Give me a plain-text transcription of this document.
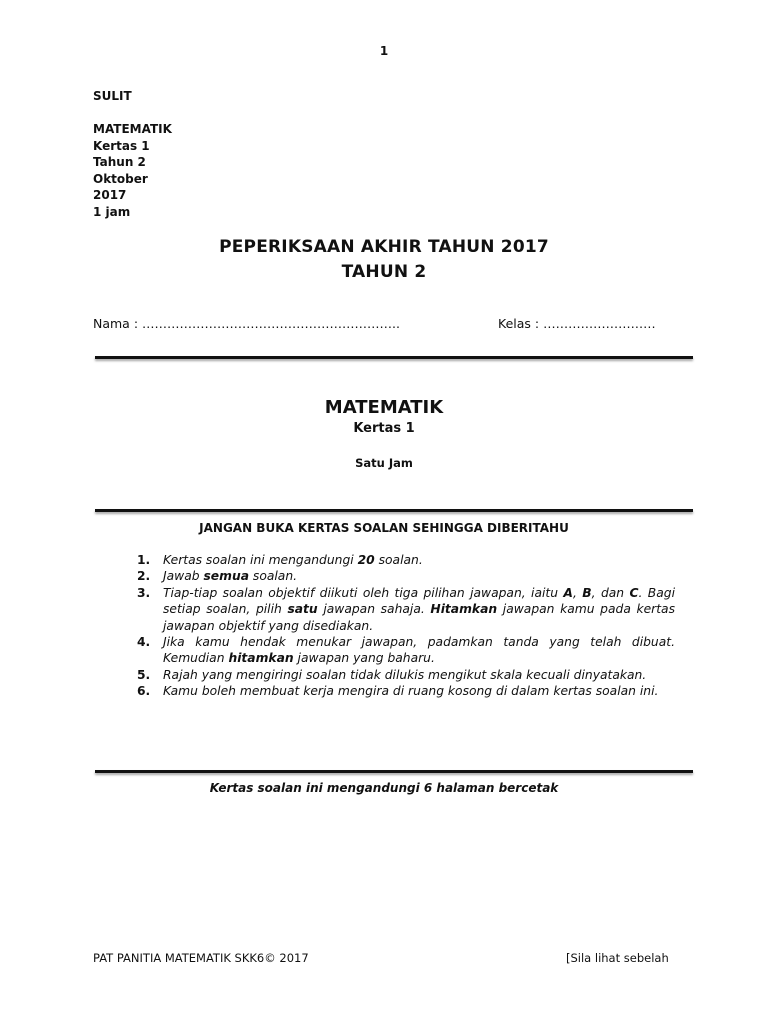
1
SULIT
MATEMATIK
Kertas 1
Tahun 2
Oktober
2017
1 jam
PEPERIKSAAN AKHIR TAHUN 2017
TAHUN 2
Nama : ……………………………………………………..	Kelas : ………………………
MATEMATIK
Kertas 1
Satu Jam
JANGAN BUKA KERTAS SOALAN SEHINGGA DIBERITAHU
1. Kertas soalan ini mengandungi 20 soalan.
2. Jawab semua soalan.
3. Tiap-tiap soalan objektif diikuti oleh tiga pilihan jawapan, iaitu A, B, dan C. Bagi setiap soalan, pilih satu jawapan sahaja. Hitamkan jawapan kamu pada kertas jawapan objektif yang disediakan.
4. Jika kamu hendak menukar jawapan, padamkan tanda yang telah dibuat. Kemudian hitamkan jawapan yang baharu.
5. Rajah yang mengiringi soalan tidak dilukis mengikut skala kecuali dinyatakan.
6. Kamu boleh membuat kerja mengira di ruang kosong di dalam kertas soalan ini.
Kertas soalan ini mengandungi 6 halaman bercetak
PAT PANITIA MATEMATIK SKK6© 2017	[Sila lihat sebelah
